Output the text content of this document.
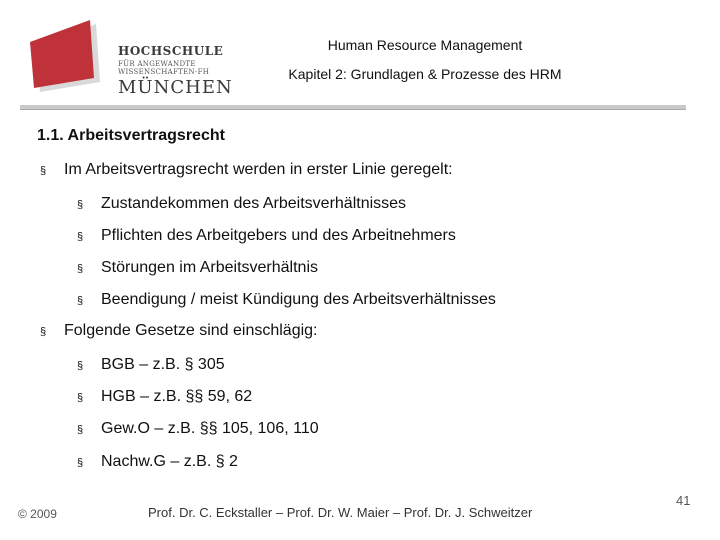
HOCHSCHULE
FÜR ANGEWANDTE
WISSENSCHAFTEN-FH
MÜNCHEN
Human Resource Management
Kapitel 2: Grundlagen & Prozesse des HRM
1.1. Arbeitsvertragsrecht
§ Im Arbeitsvertragsrecht werden in erster Linie geregelt:
§ Zustandekommen des Arbeitsverhältnisses
§ Pflichten des Arbeitgebers und des Arbeitnehmers
§ Störungen im Arbeitsverhältnis
§ Beendigung / meist Kündigung des Arbeitsverhältnisses
§ Folgende Gesetze sind einschlägig:
§ BGB – z.B. § 305
§ HGB – z.B. §§ 59, 62
§ Gew.O – z.B. §§ 105, 106, 110
§ Nachw.G – z.B. § 2
© 2009	Prof. Dr. C. Eckstaller – Prof. Dr. W. Maier – Prof. Dr. J. Schweitzer
41
